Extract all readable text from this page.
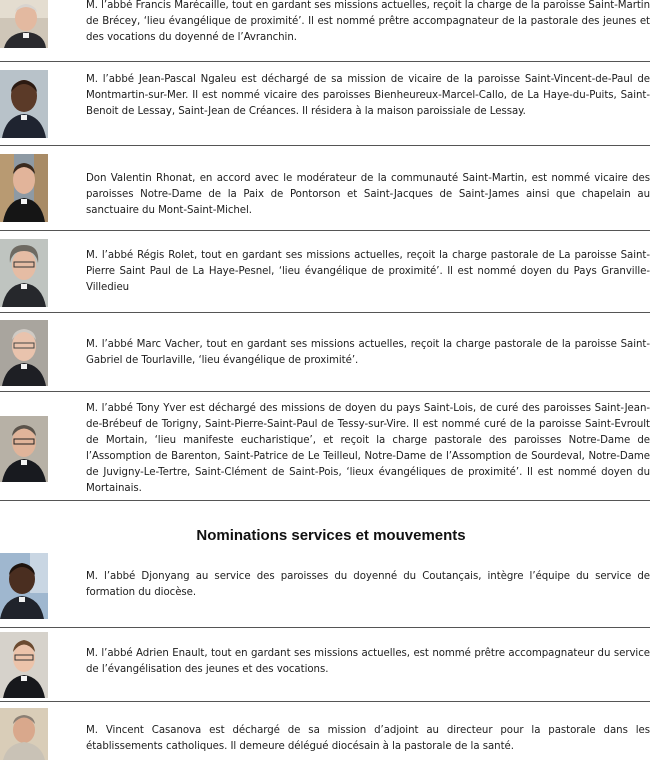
M. l’abbé Francis Marécaille, tout en gardant ses missions actuelles, reçoit la charge de la paroisse Saint-Martin de Brécey, ‘lieu évangélique de proximité’. Il est nommé prêtre accompagnateur de la pastorale des jeunes et des vocations du doyenné de l’Avranchin.
M. l’abbé Jean-Pascal Ngaleu est déchargé de sa mission de vicaire de la paroisse Saint-Vincent-de-Paul de Montmartin-sur-Mer. Il est nommé vicaire des paroisses Bienheureux-Marcel-Callo, de La Haye-du-Puits, Saint-Benoit de Lessay, Saint-Jean de Créances. Il résidera à la maison paroissiale de Lessay.
Don Valentin Rhonat, en accord avec le modérateur de la communauté Saint-Martin, est nommé vicaire des paroisses Notre-Dame de la Paix de Pontorson et Saint-Jacques de Saint-James ainsi que chapelain au sanctuaire du Mont-Saint-Michel.
M. l’abbé Régis Rolet, tout en gardant ses missions actuelles, reçoit la charge pastorale de La paroisse Saint-Pierre Saint Paul de La Haye-Pesnel, ‘lieu évangélique de proximité’. Il est nommé doyen du Pays Granville-Villedieu
M. l’abbé Marc Vacher, tout en gardant ses missions actuelles, reçoit la charge pastorale de la paroisse Saint-Gabriel de Tourlaville, ‘lieu évangélique de proximité’.
M. l’abbé Tony Yver est déchargé des missions de doyen du pays Saint-Lois, de curé des paroisses Saint-Jean-de-Brébeuf de Torigny, Saint-Pierre-Saint-Paul de Tessy-sur-Vire. Il est nommé curé de la paroisse Saint-Evroult de Mortain, ‘lieu manifeste eucharistique’, et reçoit la charge pastorale des paroisses Notre-Dame de l’Assomption de Barenton, Saint-Patrice de Le Teilleul, Notre-Dame de l’Assomption de Sourdeval, Notre-Dame de Juvigny-Le-Tertre, Saint-Clément de Saint-Pois, ‘lieux évangéliques de proximité’. Il est nommé doyen du Mortainais.
Nominations services et mouvements
M. l’abbé Djonyang au service des paroisses du doyenné du Coutançais, intègre l’équipe du service de formation du diocèse.
M. l’abbé Adrien Enault, tout en gardant ses missions actuelles, est nommé prêtre accompagnateur du service de l’évangélisation des jeunes et des vocations.
M. Vincent Casanova est déchargé de sa mission d’adjoint au directeur pour la pastorale dans les établissements catholiques. Il demeure délégué diocésain à la pastorale de la santé.
